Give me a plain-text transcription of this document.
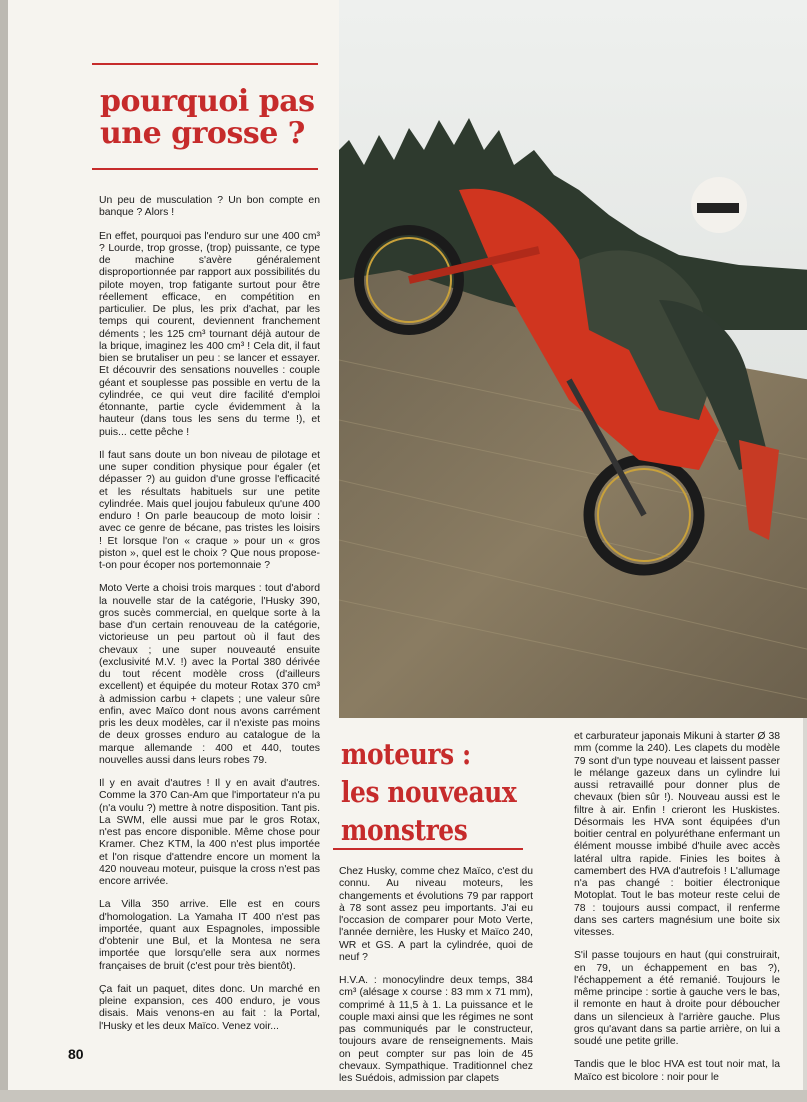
pourquoi pas
une grosse ?

Un peu de musculation ? Un bon compte en banque ? Alors !

En effet, pourquoi pas l'enduro sur une 400 cm³ ? Lourde, trop grosse, (trop) puissante, ce type de machine s'avère généralement disproportionnée par rapport aux possibilités du pilote moyen, trop fatigante surtout pour être réellement efficace, en compétition en particulier. De plus, les prix d'achat, par les temps qui courent, deviennent franchement déments ; les 125 cm³ tournant déjà autour de la brique, imaginez les 400 cm³ ! Cela dit, il faut bien se brutaliser un peu : se lancer et essayer. Et découvrir des sensations nouvelles : couple géant et souplesse pas possible en vertu de la cylindrée, ce qui veut dire facilité d'emploi étonnante, partie cycle évidemment à la hauteur (dans tous les sens du terme !), et puis... cette pêche !

Il faut sans doute un bon niveau de pilotage et une super condition physique pour égaler (et dépasser ?) au guidon d'une grosse l'efficacité et les résultats habituels sur une petite cylindrée. Mais quel joujou fabuleux qu'une 400 enduro ! On parle beaucoup de moto loisir : avec ce genre de bécane, pas tristes les loisirs ! Et lorsque l'on « craque » pour un « gros piston », quel est le choix ? Que nous propose-t-on pour écoper nos portemonnaie ?

Moto Verte a choisi trois marques : tout d'abord la nouvelle star de la catégorie, l'Husky 390, gros sucès commercial, en quelque sorte à la base d'un certain renouveau de la catégorie, victorieuse un peu partout où il faut des chevaux ; une super nouveauté ensuite (exclusivité M.V. !) avec la Portal 380 dérivée du tout récent modèle cross (d'ailleurs excellent) et équipée du moteur Rotax 370 cm³ à admission carbu + clapets ; une valeur sûre enfin, avec Maïco dont nous avons carrément pris les deux modèles, car il n'existe pas moins de deux grosses enduro au catalogue de la marque allemande : 400 et 440, toutes nouvelles aussi dans leurs robes 79.

Il y en avait d'autres ! Il y en avait d'autres. Comme la 370 Can-Am que l'importateur n'a pu (n'a voulu ?) mettre à notre disposition. Tant pis. La SWM, elle aussi mue par le gros Rotax, n'est pas encore disponible. Même chose pour Kramer. Chez KTM, la 400 n'est plus importée et l'on risque d'attendre encore un moment la 420 nouveau moteur, puisque la cross n'est pas encore arrivée.

La Villa 350 arrive. Elle est en cours d'homologation. La Yamaha IT 400 n'est pas importée, quant aux Espagnoles, impossible d'obtenir une Bul, et la Montesa ne sera importée que lorsqu'elle sera aux normes françaises de bruit (c'est pour très bientôt).

Ça fait un paquet, dites donc. Un marché en pleine expansion, ces 400 enduro, je vous disais. Mais venons-en au fait : la Portal, l'Husky et les deux Maïco. Venez voir...

moteurs :
les nouveaux
monstres

Chez Husky, comme chez Maïco, c'est du connu. Au niveau moteurs, les changements et évolutions 79 par rapport à 78 sont assez peu importants. J'ai eu l'occasion de comparer pour Moto Verte, l'année dernière, les Husky et Maïco 240, WR et GS. A part la cylindrée, quoi de neuf ?

H.V.A. : monocylindre deux temps, 384 cm³ (alésage x course : 83 mm x 71 mm), comprimé à 11,5 à 1. La puissance et le couple maxi ainsi que les régimes ne sont pas communiqués par le constructeur, toujours avare de renseignements. Mais on peut compter sur pas loin de 45 chevaux. Sympathique. Traditionnel chez les Suédois, admission par clapets

et carburateur japonais Mikuni à starter Ø 38 mm (comme la 240). Les clapets du modèle 79 sont d'un type nouveau et laissent passer le mélange gazeux dans un cylindre lui aussi retravaillé pour donner plus de chevaux (bien sûr !). Nouveau aussi est le filtre à air. Enfin ! crieront les Huskistes. Désormais les HVA sont équipées d'un boitier central en polyuréthane enfermant un élément mousse imbibé d'huile avec accès latéral ultra rapide. Finies les boites à camembert des HVA d'autrefois ! L'allumage n'a pas changé : boitier électronique Motoplat. Tout le bas moteur reste celui de 78 : toujours aussi compact, il renferme dans ses carters magnésium une boite six vitesses.

S'il passe toujours en haut (qui construirait, en 79, un échappement en bas ?), l'échappement a été remanié. Toujours le même principe : sortie à gauche vers le bas, il remonte en haut à droite pour déboucher dans un silencieux à l'arrière gauche. Plus gros qu'avant dans sa partie arrière, on lui a soudé une petite grille.

Tandis que le bloc HVA est tout noir mat, la Maïco est bicolore : noir pour le

80
